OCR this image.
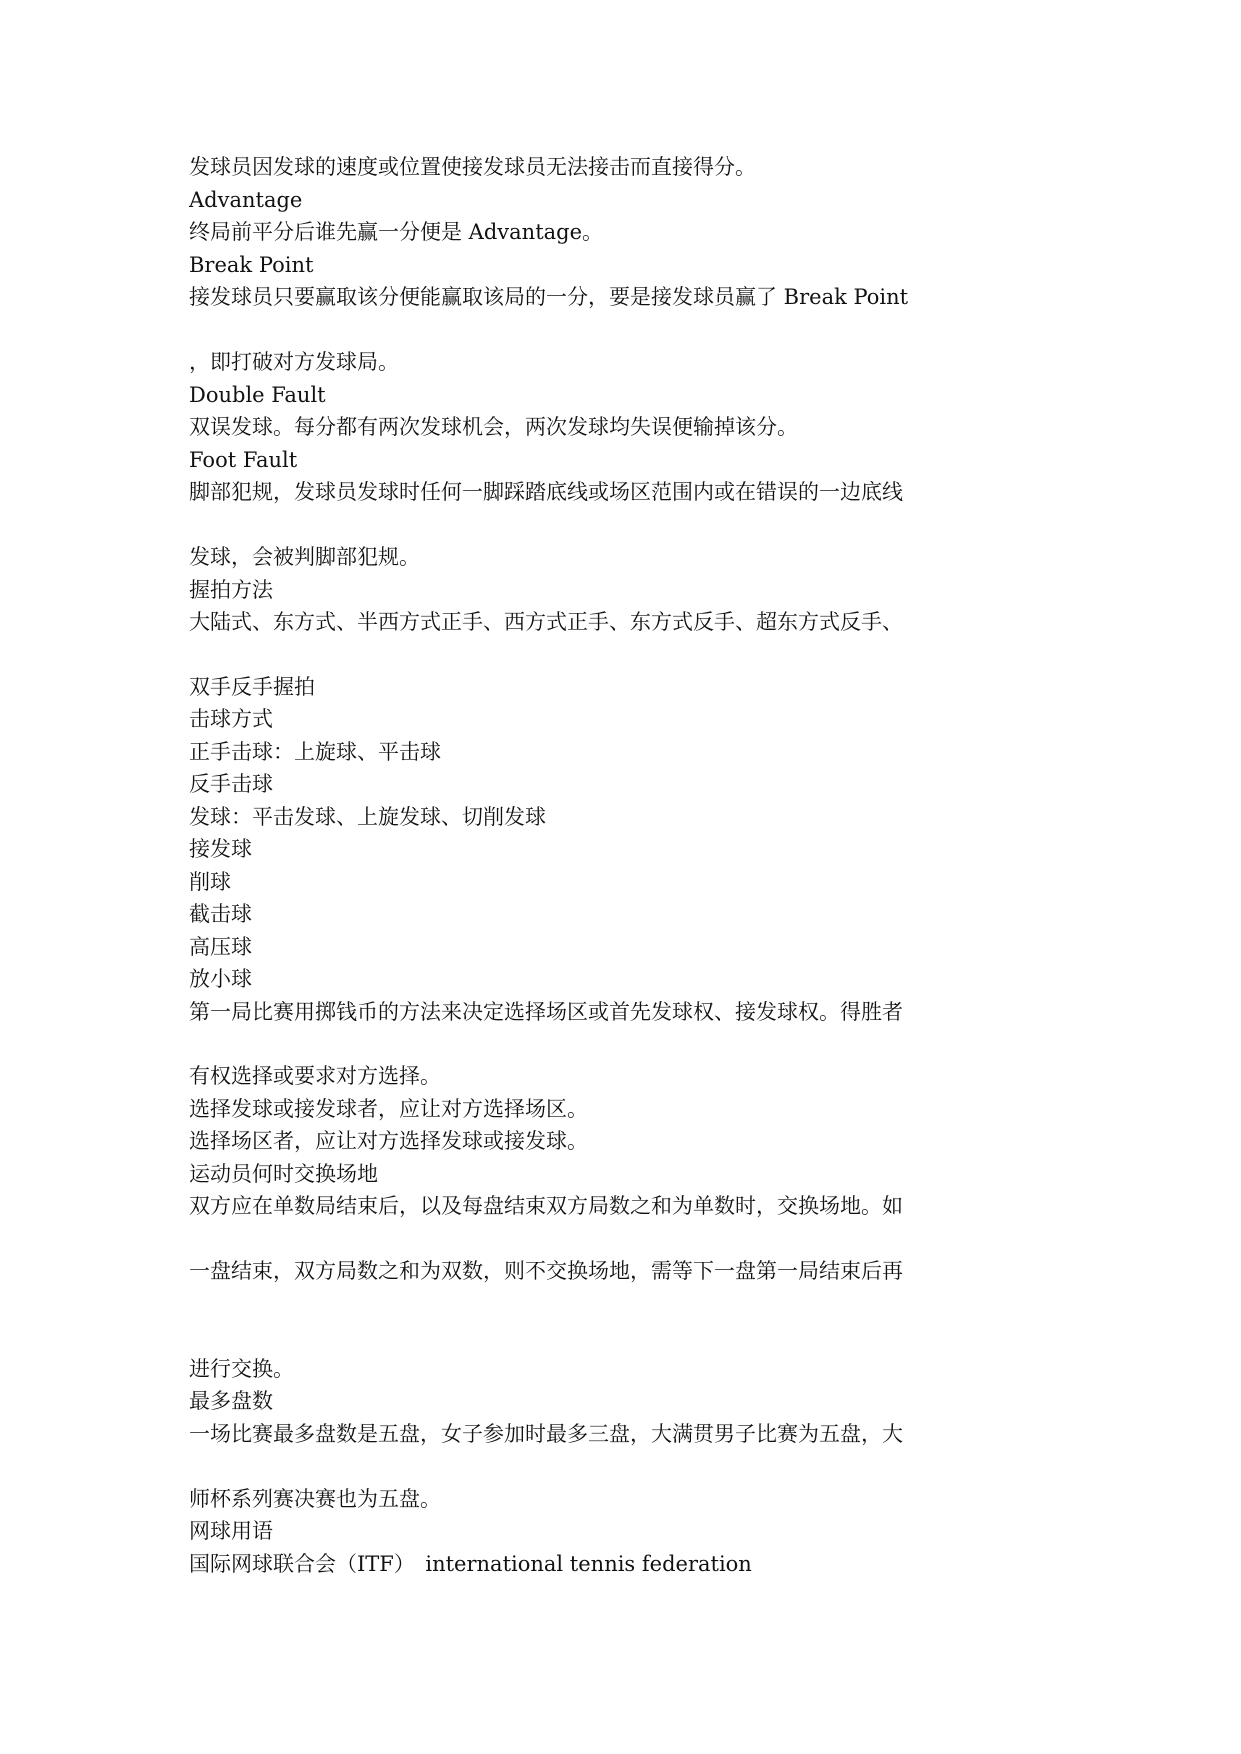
发球员因发球的速度或位置使接发球员无法接击而直接得分。
Advantage
终局前平分后谁先赢一分便是 Advantage。
Break Point
接发球员只要赢取该分便能赢取该局的一分，要是接发球员赢了 Break Point
，即打破对方发球局。
Double Fault
双误发球。每分都有两次发球机会，两次发球均失误便输掉该分。
Foot Fault
脚部犯规，发球员发球时任何一脚踩踏底线或场区范围内或在错误的一边底线
发球，会被判脚部犯规。
握拍方法
大陆式、东方式、半西方式正手、西方式正手、东方式反手、超东方式反手、
双手反手握拍
击球方式
正手击球：上旋球、平击球
反手击球
发球：平击发球、上旋发球、切削发球
接发球
削球
截击球
高压球
放小球
第一局比赛用掷钱币的方法来决定选择场区或首先发球权、接发球权。得胜者
有权选择或要求对方选择。
选择发球或接发球者，应让对方选择场区。
选择场区者，应让对方选择发球或接发球。
运动员何时交换场地
双方应在单数局结束后，以及每盘结束双方局数之和为单数时，交换场地。如
一盘结束，双方局数之和为双数，则不交换场地，需等下一盘第一局结束后再
进行交换。
最多盘数
一场比赛最多盘数是五盘，女子参加时最多三盘，大满贯男子比赛为五盘，大
师杯系列赛决赛也为五盘。
网球用语
国际网球联合会（ITF）　international tennis federation
